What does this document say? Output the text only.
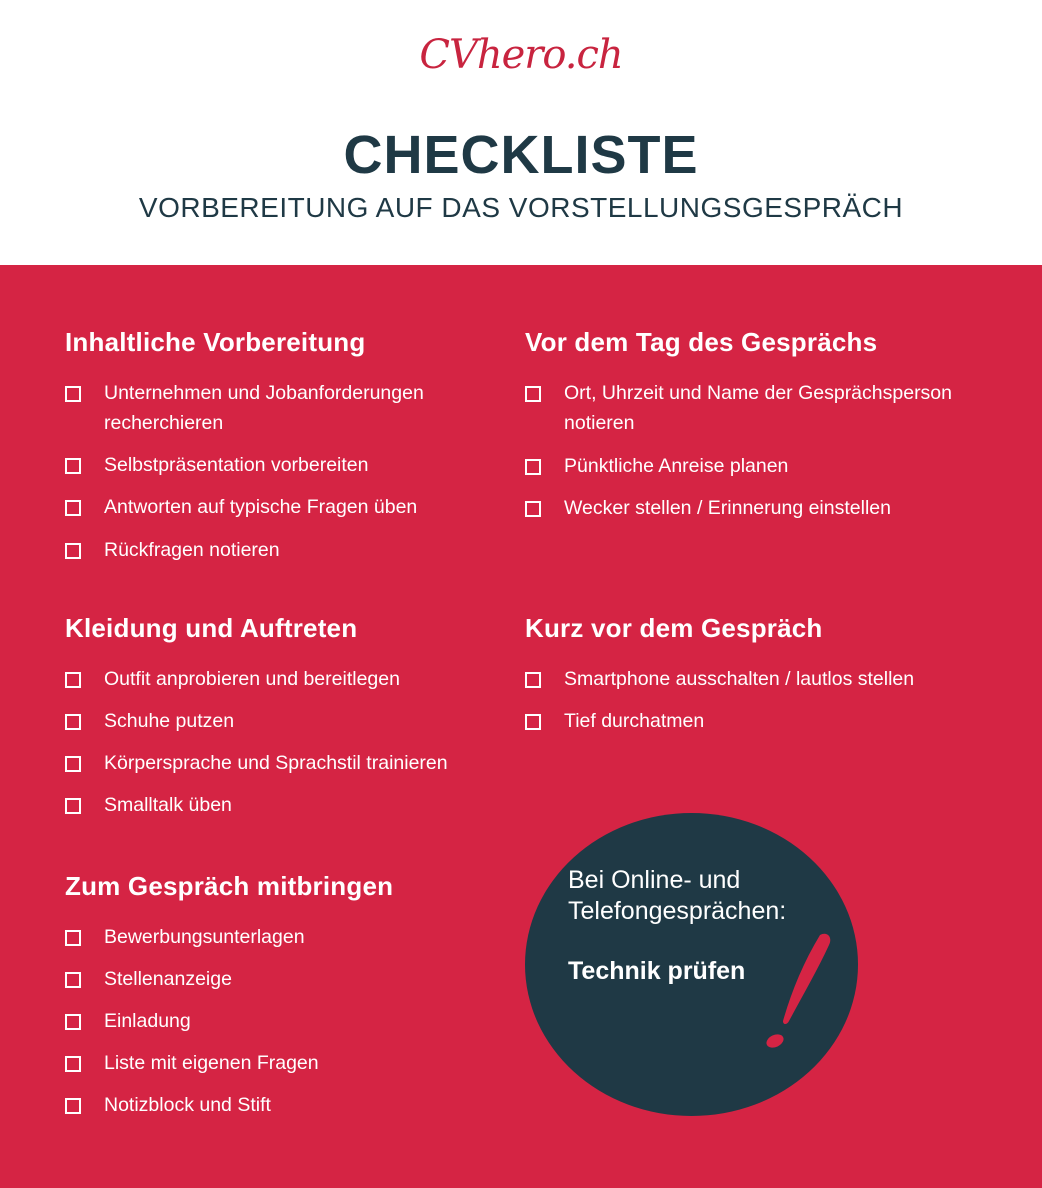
CVhero.ch
CHECKLISTE
VORBEREITUNG AUF DAS VORSTELLUNGSGESPRÄCH
Inhaltliche Vorbereitung
Unternehmen und Jobanforderungen recherchieren
Selbstpräsentation vorbereiten
Antworten auf typische Fragen üben
Rückfragen notieren
Vor dem Tag des Gesprächs
Ort, Uhrzeit und Name der Gesprächsperson notieren
Pünktliche Anreise planen
Wecker stellen / Erinnerung einstellen
Kleidung und Auftreten
Outfit anprobieren und bereitlegen
Schuhe putzen
Körpersprache und Sprachstil trainieren
Smalltalk üben
Kurz vor dem Gespräch
Smartphone ausschalten / lautlos stellen
Tief durchatmen
Zum Gespräch mitbringen
Bewerbungsunterlagen
Stellenanzeige
Einladung
Liste mit eigenen Fragen
Notizblock und Stift
Bei Online- und Telefongesprächen:
Technik prüfen
